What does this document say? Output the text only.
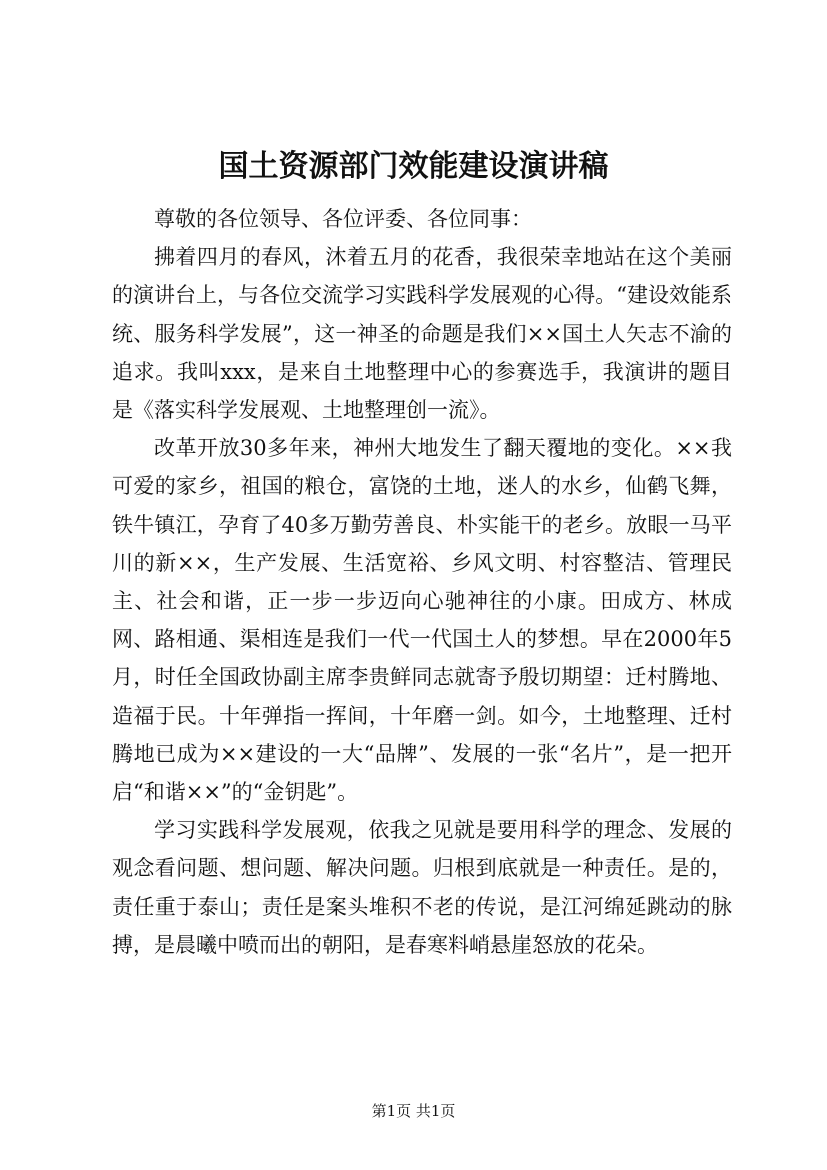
国土资源部门效能建设演讲稿

尊敬的各位领导、各位评委、各位同事：

拂着四月的春风，沐着五月的花香，我很荣幸地站在这个美丽的演讲台上，与各位交流学习实践科学发展观的心得。“建设效能系统、服务科学发展”，这一神圣的命题是我们××国土人矢志不渝的追求。我叫xxx，是来自土地整理中心的参赛选手，我演讲的题目是《落实科学发展观、土地整理创一流》。

改革开放30多年来，神州大地发生了翻天覆地的变化。××我可爱的家乡，祖国的粮仓，富饶的土地，迷人的水乡，仙鹤飞舞，铁牛镇江，孕育了40多万勤劳善良、朴实能干的老乡。放眼一马平川的新××，生产发展、生活宽裕、乡风文明、村容整洁、管理民主、社会和谐，正一步一步迈向心驰神往的小康。田成方、林成网、路相通、渠相连是我们一代一代国土人的梦想。早在2000年5月，时任全国政协副主席李贵鲜同志就寄予殷切期望：迁村腾地、造福于民。十年弹指一挥间，十年磨一剑。如今，土地整理、迁村腾地已成为××建设的一大“品牌”、发展的一张“名片”，是一把开启“和谐××”的“金钥匙”。

学习实践科学发展观，依我之见就是要用科学的理念、发展的观念看问题、想问题、解决问题。归根到底就是一种责任。是的，责任重于泰山；责任是案头堆积不老的传说，是江河绵延跳动的脉搏，是晨曦中喷而出的朝阳，是春寒料峭悬崖怒放的花朵。

第1页 共1页
